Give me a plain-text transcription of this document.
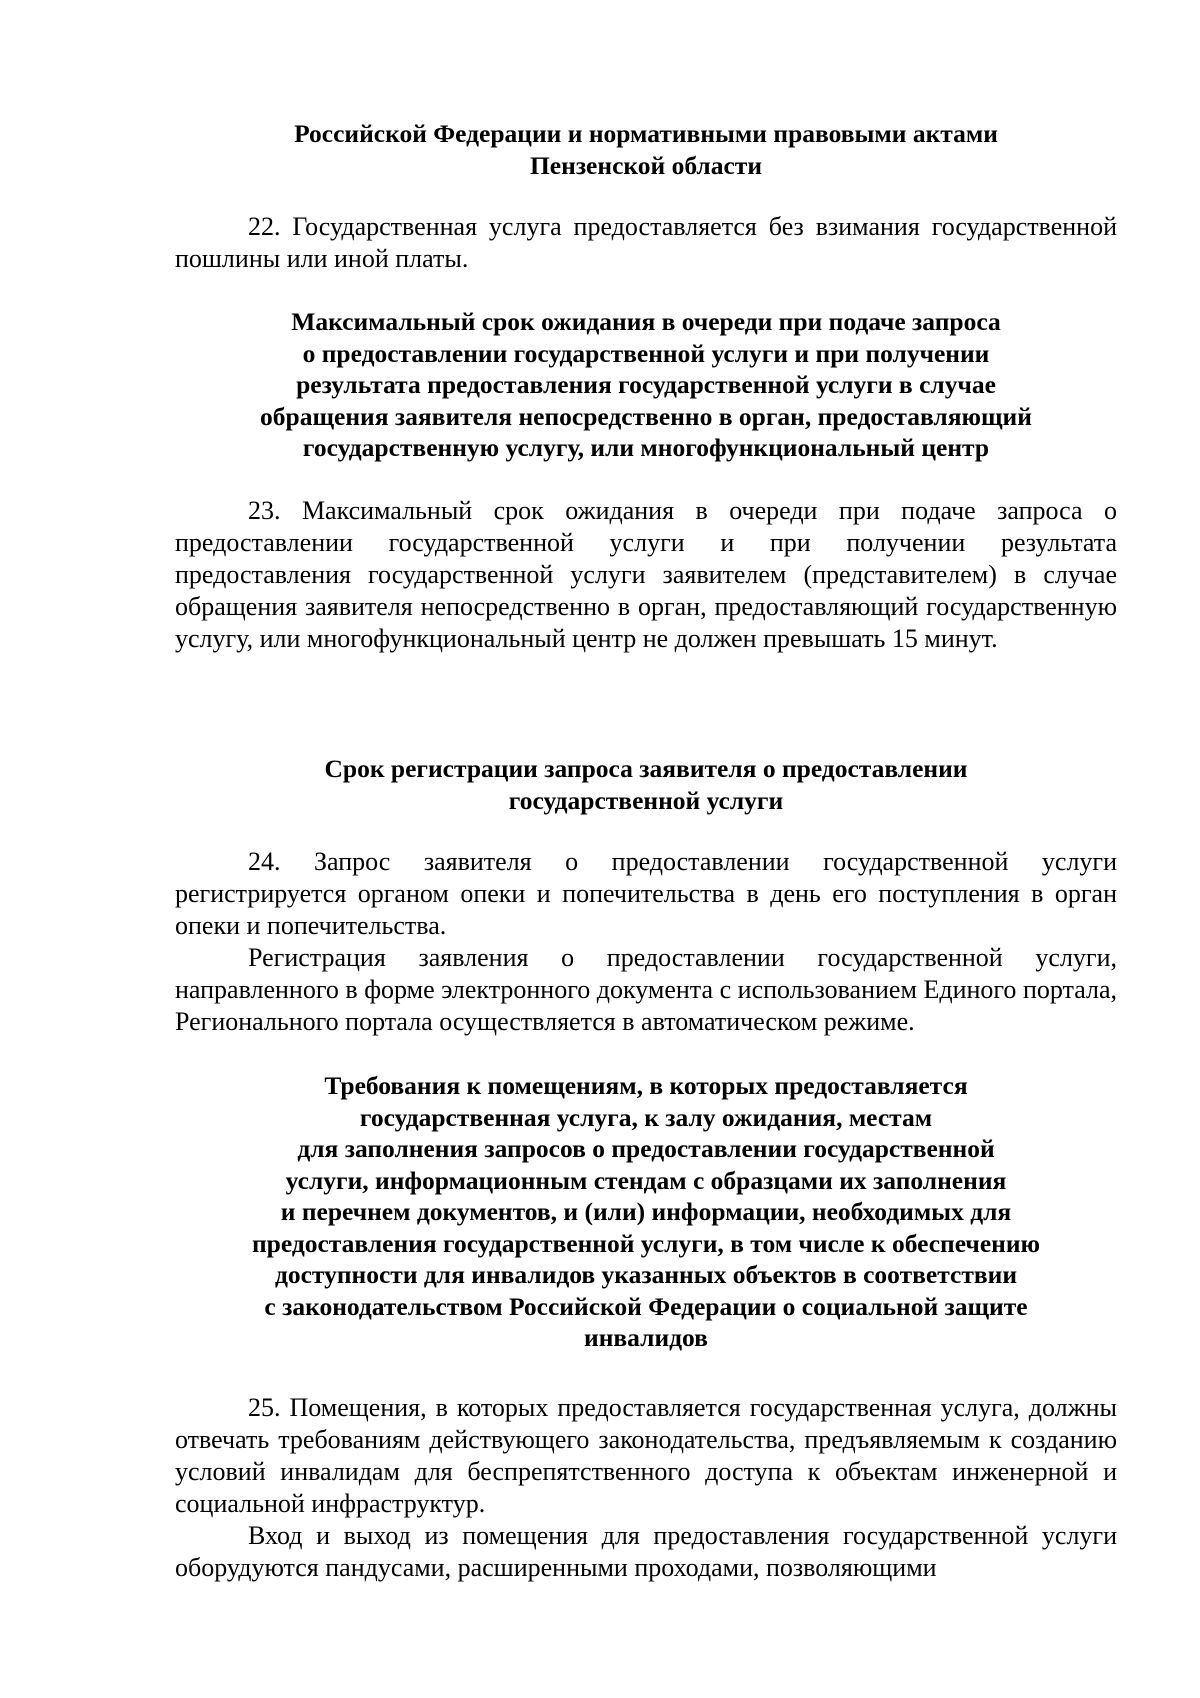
Российской Федерации и нормативными правовыми актами
Пензенской области
22. Государственная услуга предоставляется без взимания государственной пошлины или иной платы.
Максимальный срок ожидания в очереди при подаче запроса
о предоставлении государственной услуги и при получении
результата предоставления государственной услуги в случае
обращения заявителя непосредственно в орган, предоставляющий
государственную услугу, или многофункциональный центр
23. Максимальный срок ожидания в очереди при подаче запроса о предоставлении государственной услуги и при получении результата предоставления государственной услуги заявителем (представителем) в случае обращения заявителя непосредственно в орган, предоставляющий государственную услугу, или многофункциональный центр не должен превышать 15 минут.
Срок регистрации запроса заявителя о предоставлении
государственной услуги
24. Запрос заявителя о предоставлении государственной услуги регистрируется органом опеки и попечительства в день его поступления в орган опеки и попечительства.
Регистрация заявления о предоставлении государственной услуги, направленного в форме электронного документа с использованием Единого портала, Регионального портала осуществляется в автоматическом режиме.
Требования к помещениям, в которых предоставляется
государственная услуга, к залу ожидания, местам
для заполнения запросов о предоставлении государственной
услуги, информационным стендам с образцами их заполнения
и перечнем документов, и (или) информации, необходимых для
предоставления государственной услуги, в том числе к обеспечению
доступности для инвалидов указанных объектов в соответствии
с законодательством Российской Федерации о социальной защите
инвалидов
25. Помещения, в которых предоставляется государственная услуга, должны отвечать требованиям действующего законодательства, предъявляемым к созданию условий инвалидам для беспрепятственного доступа к объектам инженерной и социальной инфраструктур.
Вход и выход из помещения для предоставления государственной услуги оборудуются пандусами, расширенными проходами, позволяющими
